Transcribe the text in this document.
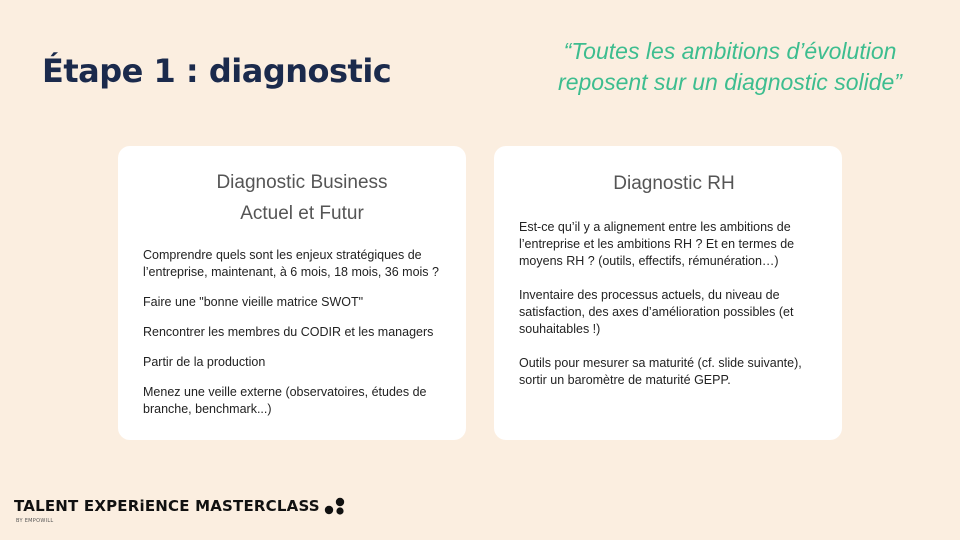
Étape 1 : diagnostic
“Toutes les ambitions d’évolution
reposent sur un diagnostic solide”
Diagnostic Business
Actuel et Futur

Comprendre quels sont les enjeux stratégiques de l’entreprise, maintenant, à 6 mois, 18 mois, 36 mois ?

Faire une "bonne vieille matrice SWOT"

Rencontrer les membres du CODIR et les managers

Partir de la production

Menez une veille externe (observatoires, études de branche, benchmark...)

Diagnostic RH

Est-ce qu’il y a alignement entre les ambitions de l’entreprise et les ambitions RH ? Et en termes de moyens RH ? (outils, effectifs, rémunération…)

Inventaire des processus actuels, du niveau de satisfaction, des axes d’amélioration possibles (et souhaitables !)

Outils pour mesurer sa maturité (cf. slide suivante), sortir un baromètre de maturité GEPP.

TALENT EXPERiENCE MASTERCLASS
BY EMPOWILL
